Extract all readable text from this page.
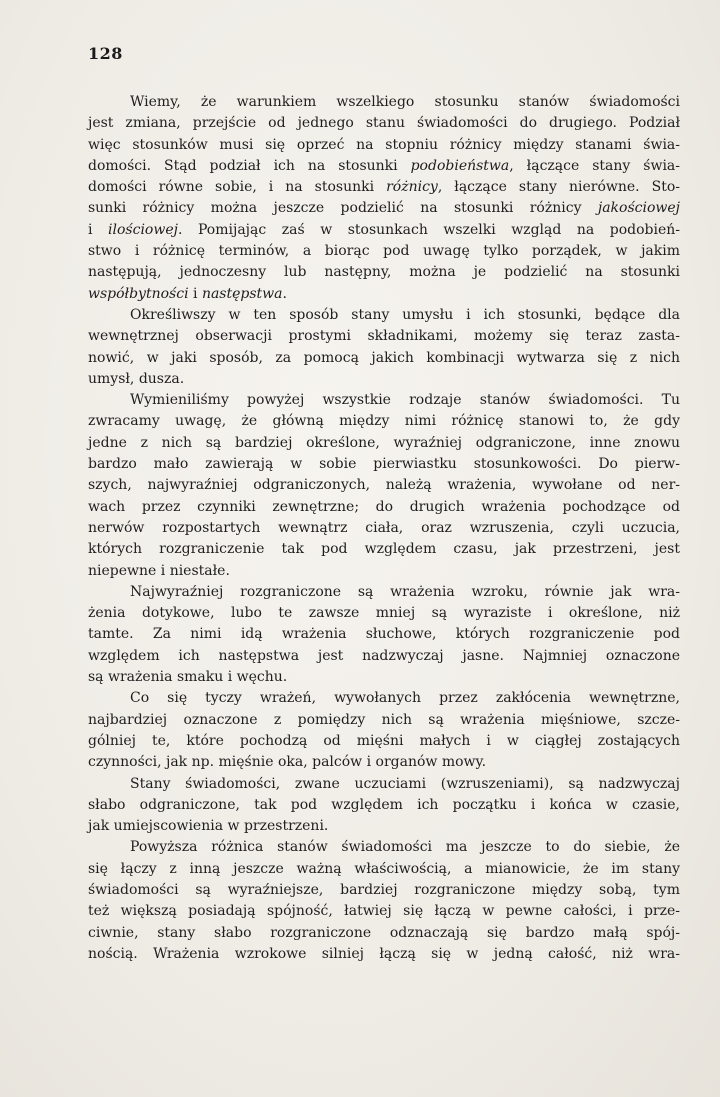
128
Wiemy, że warunkiem wszelkiego stosunku stanów świadomości
jest zmiana, przejście od jednego stanu świadomości do drugiego. Podział
więc stosunków musi się oprzeć na stopniu różnicy między stanami świa-
domości. Stąd podział ich na stosunki podobieństwa, łączące stany świa-
domości równe sobie, i na stosunki różnicy, łączące stany nierówne. Sto-
sunki różnicy można jeszcze podzielić na stosunki różnicy jakościowej
i ilościowej. Pomijając zaś w stosunkach wszelki wzgląd na podobień-
stwo i różnicę terminów, a biorąc pod uwagę tylko porządek, w jakim
następują, jednoczesny lub następny, można je podzielić na stosunki
współbytności i następstwa.
Określiwszy w ten sposób stany umysłu i ich stosunki, będące dla
wewnętrznej obserwacji prostymi składnikami, możemy się teraz zasta-
nowić, w jaki sposób, za pomocą jakich kombinacji wytwarza się z nich
umysł, dusza.
Wymieniliśmy powyżej wszystkie rodzaje stanów świadomości. Tu
zwracamy uwagę, że główną między nimi różnicę stanowi to, że gdy
jedne z nich są bardziej określone, wyraźniej odgraniczone, inne znowu
bardzo mało zawierają w sobie pierwiastku stosunkowości. Do pierw-
szych, najwyraźniej odgraniczonych, należą wrażenia, wywołane od ner-
wach przez czynniki zewnętrzne; do drugich wrażenia pochodzące od
nerwów rozpostartych wewnątrz ciała, oraz wzruszenia, czyli uczucia,
których rozgraniczenie tak pod względem czasu, jak przestrzeni, jest
niepewne i niestałe.
Najwyraźniej rozgraniczone są wrażenia wzroku, równie jak wra-
żenia dotykowe, lubo te zawsze mniej są wyraziste i określone, niż
tamte. Za nimi idą wrażenia słuchowe, których rozgraniczenie pod
względem ich następstwa jest nadzwyczaj jasne. Najmniej oznaczone
są wrażenia smaku i węchu.
Co się tyczy wrażeń, wywołanych przez zakłócenia wewnętrzne,
najbardziej oznaczone z pomiędzy nich są wrażenia mięśniowe, szcze-
gólniej te, które pochodzą od mięśni małych i w ciągłej zostających
czynności, jak np. mięśnie oka, palców i organów mowy.
Stany świadomości, zwane uczuciami (wzruszeniami), są nadzwyczaj
słabo odgraniczone, tak pod względem ich początku i końca w czasie,
jak umiejscowienia w przestrzeni.
Powyższa różnica stanów świadomości ma jeszcze to do siebie, że
się łączy z inną jeszcze ważną właściwością, a mianowicie, że im stany
świadomości są wyraźniejsze, bardziej rozgraniczone między sobą, tym
też większą posiadają spójność, łatwiej się łączą w pewne całości, i prze-
ciwnie, stany słabo rozgraniczone odznaczają się bardzo małą spój-
nością. Wrażenia wzrokowe silniej łączą się w jedną całość, niż wra-
